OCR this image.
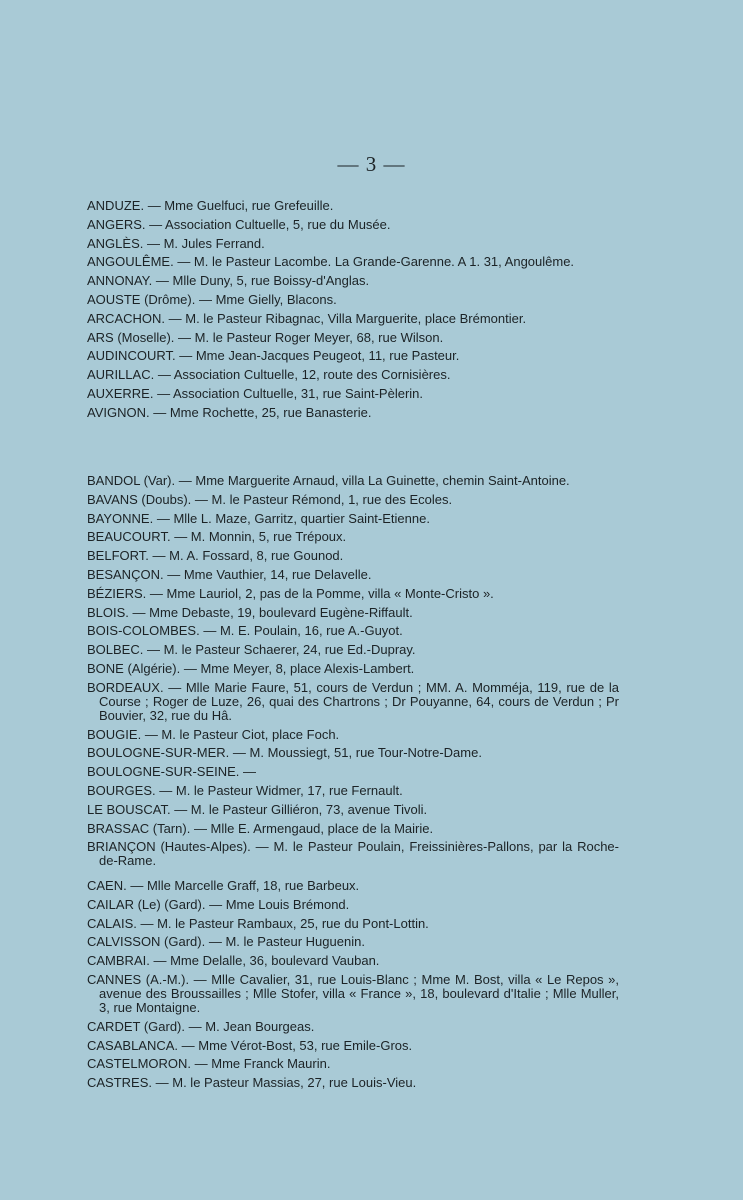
— 3 —

ANDUZE. — Mme Guelfuci, rue Grefeuille.

ANGERS. — Association Cultuelle, 5, rue du Musée.

ANGLÈS. — M. Jules Ferrand.

ANGOULÊME. — M. le Pasteur Lacombe. La Grande-Garenne. A 1. 31, Angoulême.

ANNONAY. — Mlle Duny, 5, rue Boissy-d'Anglas.

AOUSTE (Drôme). — Mme Gielly, Blacons.

ARCACHON. — M. le Pasteur Ribagnac, Villa Marguerite, place Brémontier.

ARS (Moselle). — M. le Pasteur Roger Meyer, 68, rue Wilson.

AUDINCOURT. — Mme Jean-Jacques Peugeot, 11, rue Pasteur.

AURILLAC. — Association Cultuelle, 12, route des Cornisières.

AUXERRE. — Association Cultuelle, 31, rue Saint-Pèlerin.

AVIGNON. — Mme Rochette, 25, rue Banasterie.

BANDOL (Var). — Mme Marguerite Arnaud, villa La Guinette, chemin Saint-Antoine.

BAVANS (Doubs). — M. le Pasteur Rémond, 1, rue des Ecoles.

BAYONNE. — Mlle L. Maze, Garritz, quartier Saint-Etienne.

BEAUCOURT. — M. Monnin, 5, rue Trépoux.

BELFORT. — M. A. Fossard, 8, rue Gounod.

BESANÇON. — Mme Vauthier, 14, rue Delavelle.

BÉZIERS. — Mme Lauriol, 2, pas de la Pomme, villa « Monte-Cristo ».

BLOIS. — Mme Debaste, 19, boulevard Eugène-Riffault.

BOIS-COLOMBES. — M. E. Poulain, 16, rue A.-Guyot.

BOLBEC. — M. le Pasteur Schaerer, 24, rue Ed.-Dupray.

BONE (Algérie). — Mme Meyer, 8, place Alexis-Lambert.

BORDEAUX. — Mlle Marie Faure, 51, cours de Verdun ; MM. A. Momméja, 119, rue de la Course ; Roger de Luze, 26, quai des Chartrons ; Dr Pouyanne, 64, cours de Verdun ; Pr Bouvier, 32, rue du Hâ.

BOUGIE. — M. le Pasteur Ciot, place Foch.

BOULOGNE-SUR-MER. — M. Moussiegt, 51, rue Tour-Notre-Dame.

BOULOGNE-SUR-SEINE. —

BOURGES. — M. le Pasteur Widmer, 17, rue Fernault.

LE BOUSCAT. — M. le Pasteur Gilliéron, 73, avenue Tivoli.

BRASSAC (Tarn). — Mlle E. Armengaud, place de la Mairie.

BRIANÇON (Hautes-Alpes). — M. le Pasteur Poulain, Freissinières-Pallons, par la Roche-de-Rame.

CAEN. — Mlle Marcelle Graff, 18, rue Barbeux.

CAILAR (Le) (Gard). — Mme Louis Brémond.

CALAIS. — M. le Pasteur Rambaux, 25, rue du Pont-Lottin.

CALVISSON (Gard). — M. le Pasteur Huguenin.

CAMBRAI. — Mme Delalle, 36, boulevard Vauban.

CANNES (A.-M.). — Mlle Cavalier, 31, rue Louis-Blanc ; Mme M. Bost, villa « Le Repos », avenue des Broussailles ; Mlle Stofer, villa « France », 18, boulevard d'Italie ; Mlle Muller, 3, rue Montaigne.

CARDET (Gard). — M. Jean Bourgeas.

CASABLANCA. — Mme Vérot-Bost, 53, rue Emile-Gros.

CASTELMORON. — Mme Franck Maurin.

CASTRES. — M. le Pasteur Massias, 27, rue Louis-Vieu.
